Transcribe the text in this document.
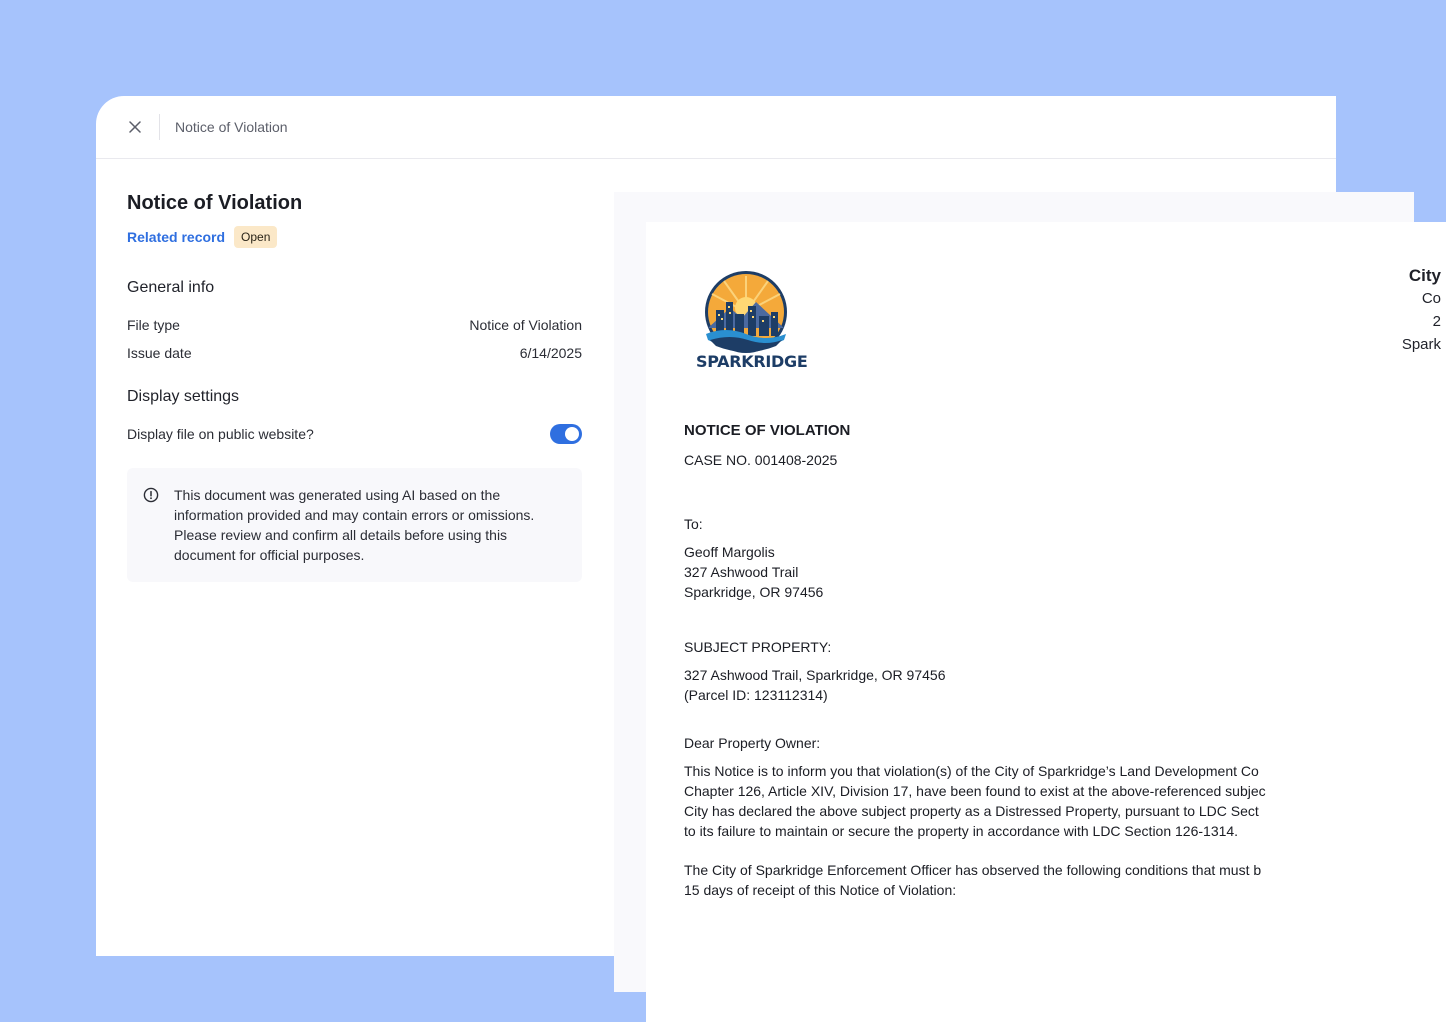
Notice of Violation
Notice of Violation
Related record	Open
General info
File type	Notice of Violation
Issue date	6/14/2025
Display settings
Display file on public website?
This document was generated using AI based on the information provided and may contain errors or omissions. Please review and confirm all details before using this document for official purposes.
SPARKRIDGE
City
Co
2
Spark
NOTICE OF VIOLATION
CASE NO. 001408-2025
To:
Geoff Margolis
327 Ashwood Trail
Sparkridge, OR 97456
SUBJECT PROPERTY:
327 Ashwood Trail, Sparkridge, OR 97456
(Parcel ID: 123112314)
Dear Property Owner:
This Notice is to inform you that violation(s) of the City of Sparkridge’s Land Development Co
Chapter 126, Article XIV, Division 17, have been found to exist at the above-referenced subjec
City has declared the above subject property as a Distressed Property, pursuant to LDC Sect
to its failure to maintain or secure the property in accordance with LDC Section 126-1314.
The City of Sparkridge Enforcement Officer has observed the following conditions that must b
15 days of receipt of this Notice of Violation:
